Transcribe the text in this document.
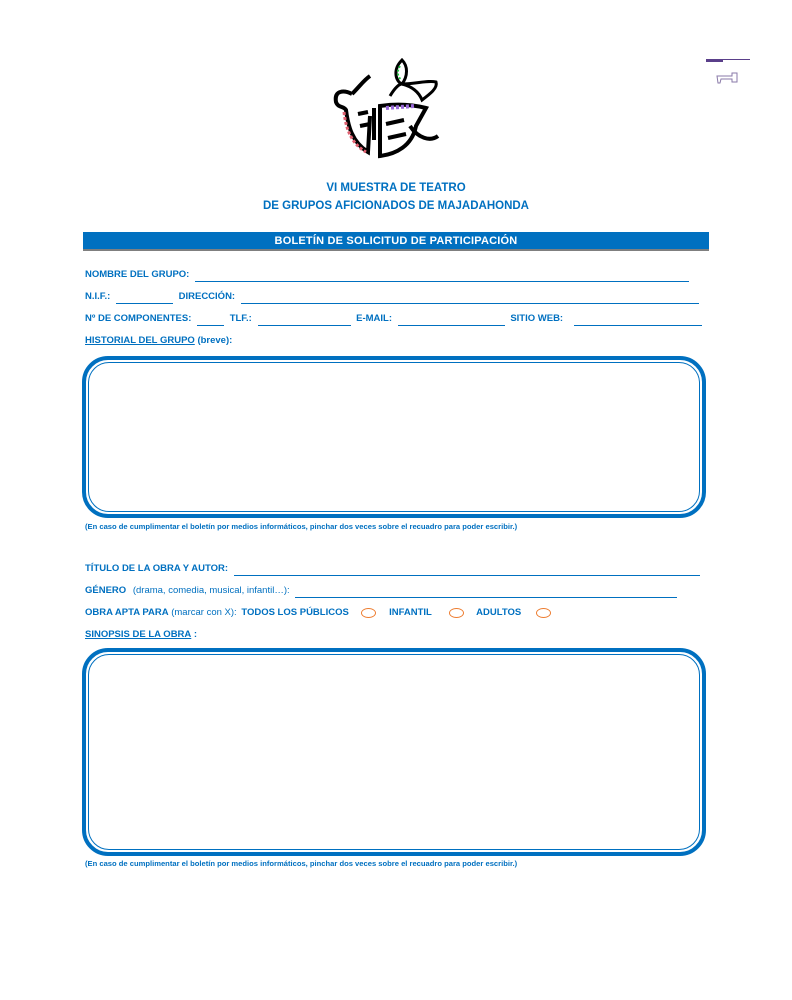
VI MUESTRA DE TEATRO
DE GRUPOS AFICIONADOS DE MAJADAHONDA
BOLETÍN DE SOLICITUD DE PARTICIPACIÓN
NOMBRE DEL GRUPO:
N.I.F.:	DIRECCIÓN:
Nº DE COMPONENTES:	TLF.:	E-MAIL:	SITIO WEB:
HISTORIAL DEL GRUPO (breve):
(En caso de cumplimentar el boletín por medios informáticos, pinchar dos veces sobre el recuadro para poder escribir.)
TÍTULO DE LA OBRA Y AUTOR:
GÉNERO (drama, comedia, musical, infantil…):
OBRA APTA PARA (marcar con X): TODOS LOS PÚBLICOS	INFANTIL	ADULTOS
SINOPSIS DE LA OBRA :
(En caso de cumplimentar el boletín por medios informáticos, pinchar dos veces sobre el recuadro para poder escribir.)
